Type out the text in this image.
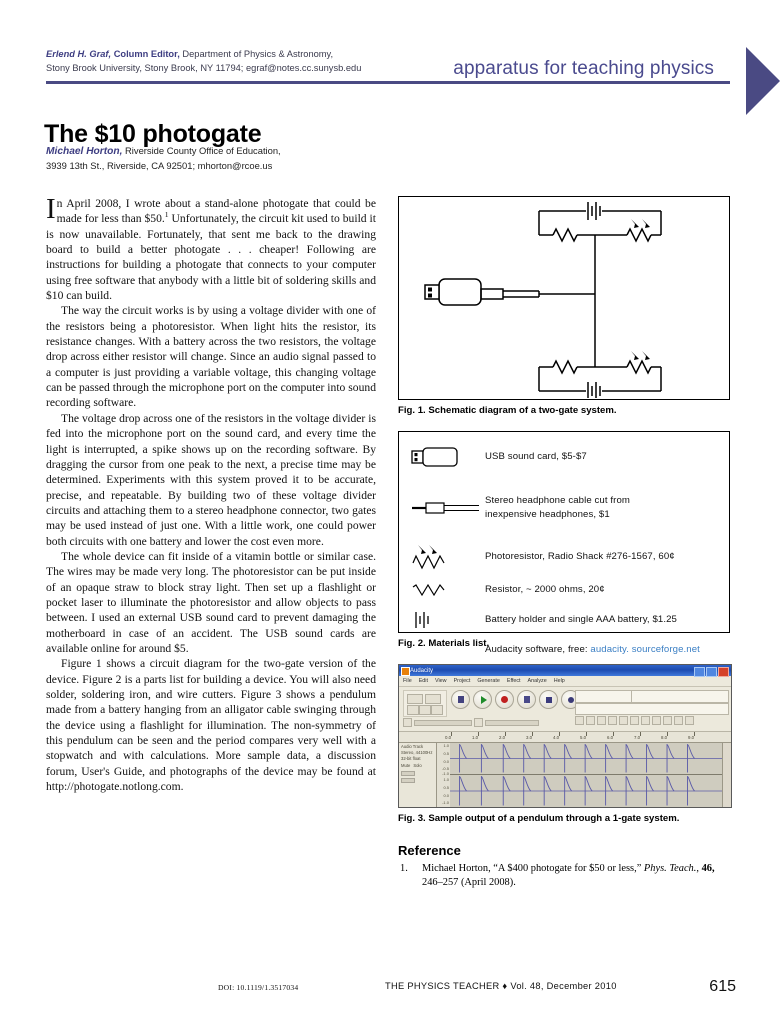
Erlend H. Graf, Column Editor, Department of Physics & Astronomy,
Stony Brook University, Stony Brook, NY 11794; egraf@notes.cc.sunysb.edu	apparatus for teaching physics
The $10 photogate
Michael Horton, Riverside County Office of Education,
3939 13th St., Riverside, CA 92501; mhorton@rcoe.us

In April 2008, I wrote about a stand-alone photogate that could be made for less than $50.$^1$ Unfortunately, the circuit kit used to build it is now unavailable. Fortunately, that sent me back to the drawing board to build a better photogate . . . cheaper! Following are instructions for building a photogate that connects to your computer using free software that anybody with a little bit of soldering skills and $10 can build.

The way the circuit works is by using a voltage divider with one of the resistors being a photoresistor. When light hits the resistor, its resistance changes. With a battery across the two resistors, the voltage drop across either resistor will change. Since an audio signal passed to a computer is just providing a variable voltage, this changing voltage can be passed through the microphone port on the computer into sound recording software.

The voltage drop across one of the resistors in the voltage divider is fed into the microphone port on the sound card, and every time the light is interrupted, a spike shows up on the recording software. By dragging the cursor from one peak to the next, a precise time may be determined. Experiments with this system proved it to be accurate, precise, and repeatable. By building two of these voltage divider circuits and attaching them to a stereo headphone connector, two gates may be used instead of just one. With a little work, one could power both circuits with one battery and lower the cost even more.

The whole device can fit inside of a vitamin bottle or similar case. The wires may be made very long. The photoresistor can be put inside of an opaque straw to block stray light. Then set up a flashlight or pocket laser to illuminate the photoresistor and allow objects to pass between. I used an external USB sound card to prevent damaging the motherboard in case of an accident. The USB sound cards are available online for around $5.

Figure 1 shows a circuit diagram for the two-gate version of the device. Figure 2 is a parts list for building a device. You will also need solder, soldering iron, and wire cutters. Figure 3 shows a pendulum made from a battery hanging from an alligator cable swinging through the device using a flashlight for illumination. The non-symmetry of this pendulum can be seen and the period compares very well with a stopwatch and with calculations. More sample data, a discussion forum, User's Guide, and photographs of the device may be found at http://photogate.notlong.com.

Fig. 1. Schematic diagram of a two-gate system.
USB sound card, $5-$7
Stereo headphone cable cut from
inexpensive headphones, $1
Photoresistor, Radio Shack #276-1567, 60¢
Resistor, ~ 2000 ohms, 20¢
Battery holder and single AAA battery, $1.25
Audacity software, free: audacity. sourceforge.net
Fig. 2. Materials list.
Audacity
File Edit View Project Generate Effect Analyze Help
0.0	1.0	2.0	3.0	4.0	5.0	6.0	7.0	8.0	9.0
Audio Track
Stereo, 44100Hz
32-bit float
Mute Solo
1.0
0.5
0.0
-0.5
-1.0
1.0
0.5
0.0
-1.0
Fig. 3. Sample output of a pendulum through a 1-gate system.
Reference
1. Michael Horton, “A $400 photogate for $50 or less,” Phys. Teach., 46, 246–257 (April 2008).
DOI: 10.1119/1.3517034	THE PHYSICS TEACHER ♦ Vol. 48, December 2010	615
